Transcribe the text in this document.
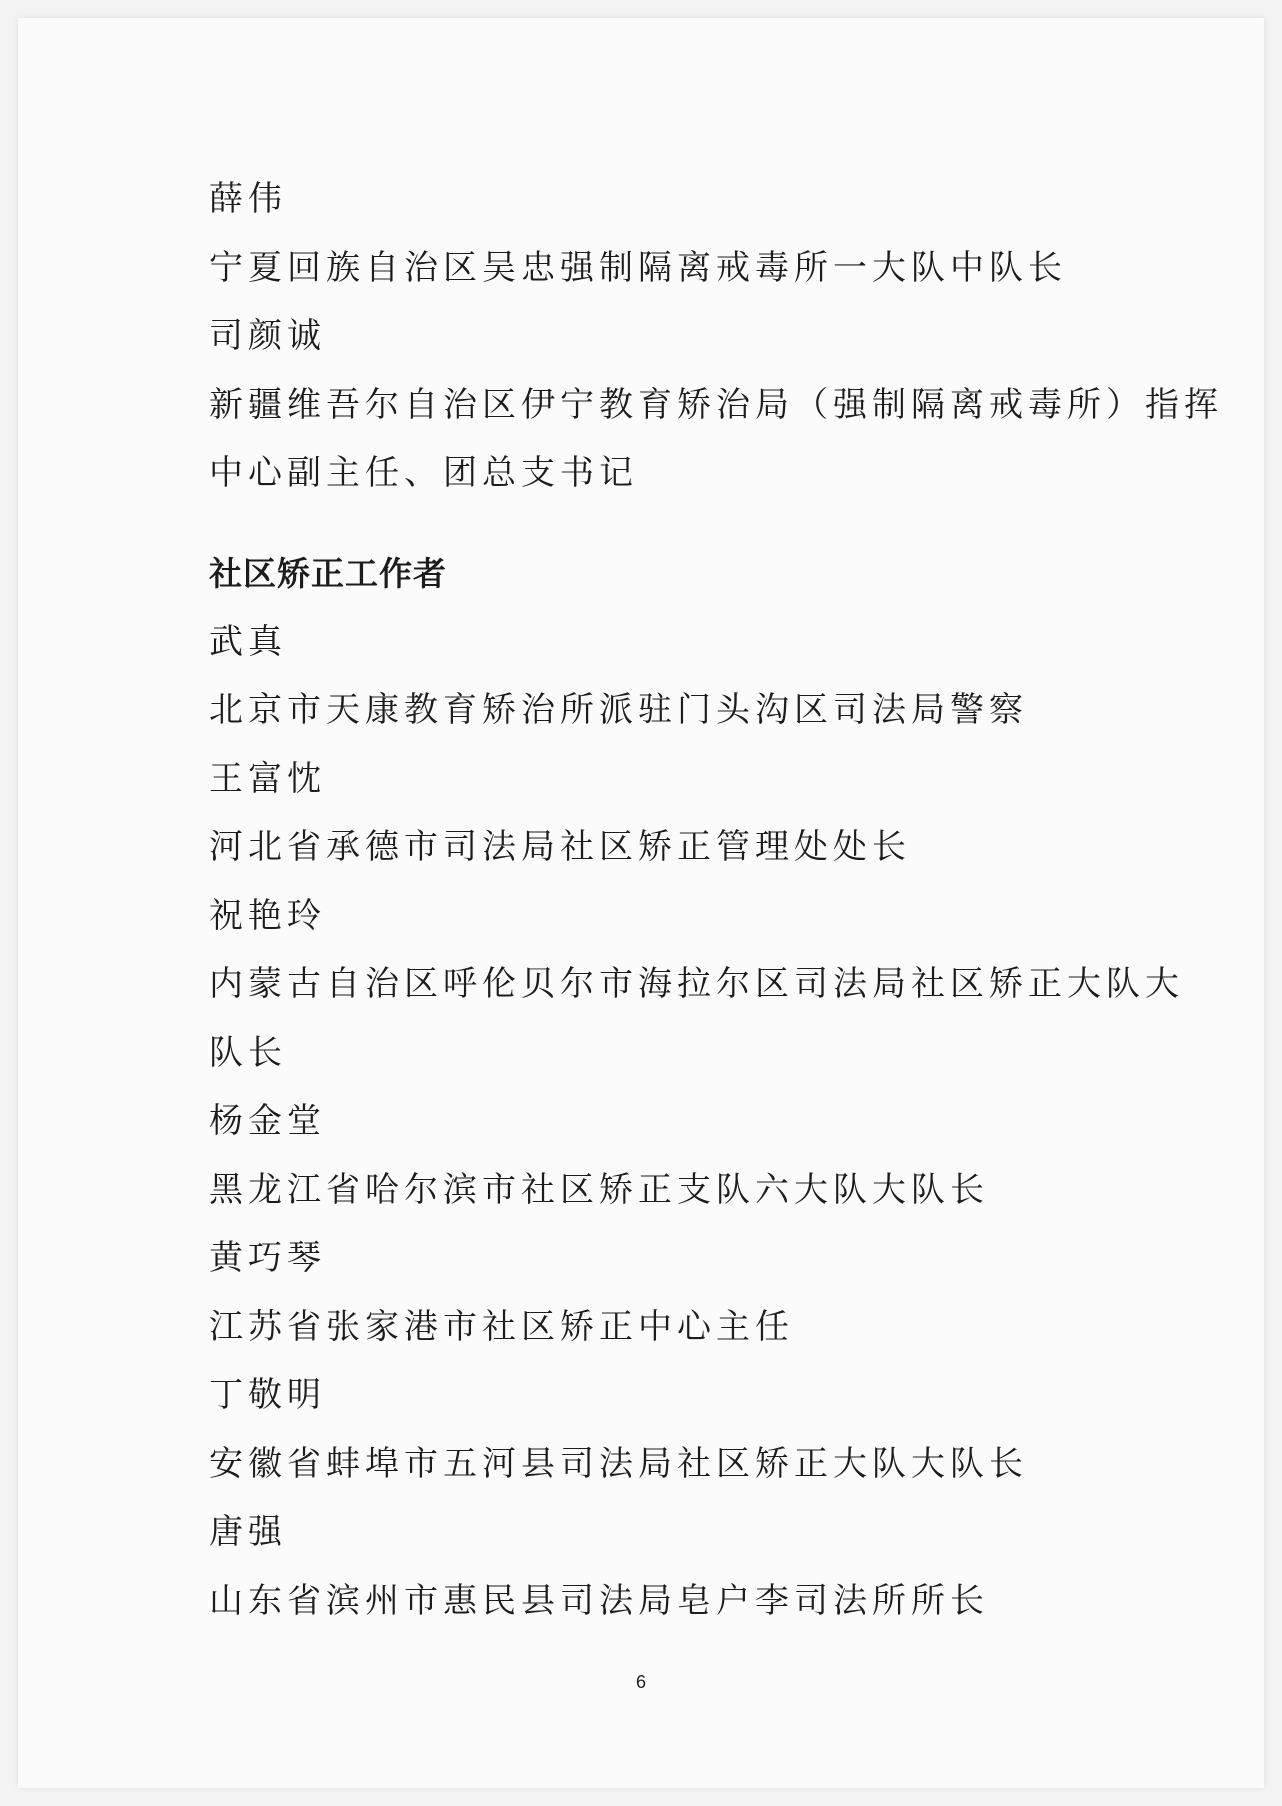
薛伟
宁夏回族自治区吴忠强制隔离戒毒所一大队中队长
司颜诚
新疆维吾尔自治区伊宁教育矫治局（强制隔离戒毒所）指挥
中心副主任、团总支书记
社区矫正工作者
武真
北京市天康教育矫治所派驻门头沟区司法局警察
王富忱
河北省承德市司法局社区矫正管理处处长
祝艳玲
内蒙古自治区呼伦贝尔市海拉尔区司法局社区矫正大队大
队长
杨金堂
黑龙江省哈尔滨市社区矫正支队六大队大队长
黄巧琴
江苏省张家港市社区矫正中心主任
丁敬明
安徽省蚌埠市五河县司法局社区矫正大队大队长
唐强
山东省滨州市惠民县司法局皂户李司法所所长
6
